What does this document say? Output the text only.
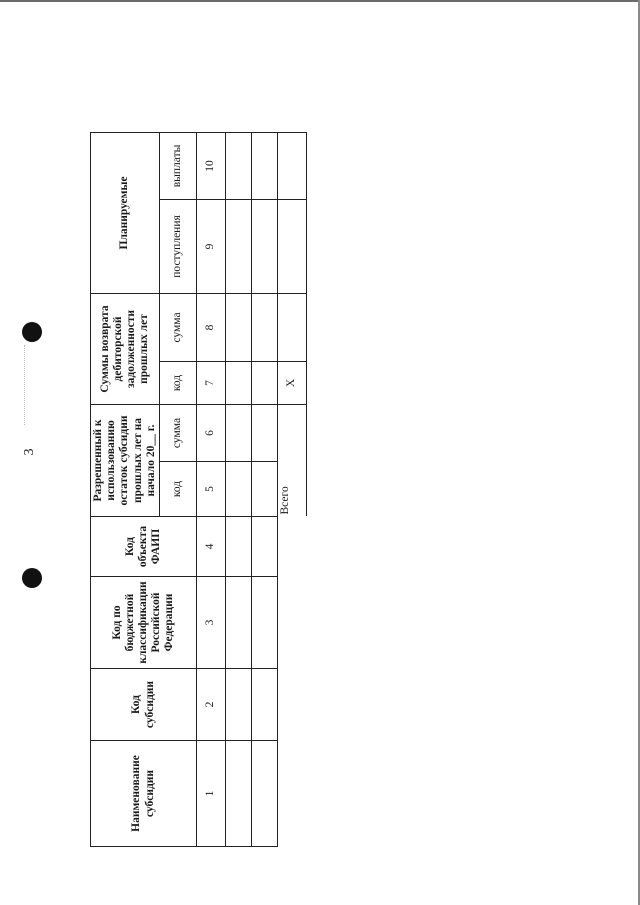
3
Наименование субсидии	Код субсидии	Код по бюджетной классификации Российской Федерации	Код объекта ФАИП	Разрешенный к использованию остаток субсидии прошлых лет на начало 20__ г.		Суммы возврата дебиторской задолженности прошлых лет		Планируемые	
				код	сумма	код	сумма	поступления	выплаты
1	2	3	4	5	6	7	8	9	10

				Всего		X			
